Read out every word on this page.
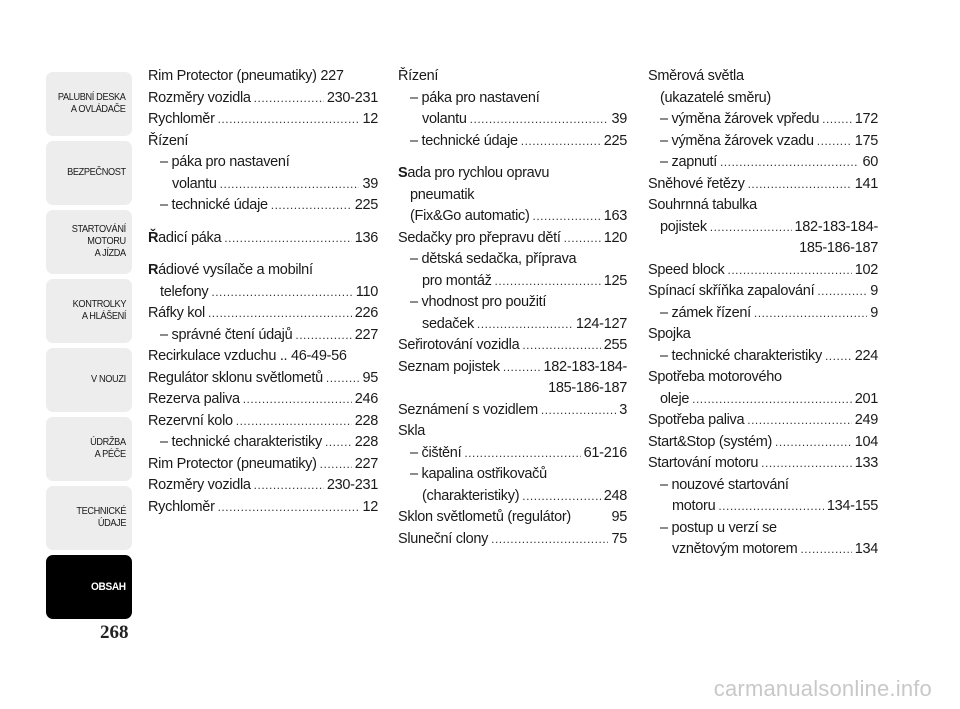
PALUBNÍ DESKA
A OVLÁDAČE
BEZPEČNOST
STARTOVÁNÍ
MOTORU
A JÍZDA
KONTROLKY
A HLÁŠENÍ
V NOUZI
ÚDRŽBA
A PÉČE
TECHNICKÉ
ÚDAJE
OBSAH
268
Rim Protector (pneumatiky) 227
Rozměry vozidla .....	230-231
Rychloměr .....	12
Řízení
– páka pro nastavení
volantu .....	39
– technické údaje .....	225
Řadicí páka .....	136
Rádiové vysílače a mobilní
telefony .....	110
Ráfky kol .....	226
– správné čtení údajů .....	227
Recirkulace vzduchu .. 46-49-56
Regulátor sklonu světlometů .....	95
Rezerva paliva .....	246
Rezervní kolo .....	228
– technické charakteristiky ..... 228
Rim Protector (pneumatiky) .....	227
Rozměry vozidla .....	230-231
Rychloměr .....	12
Řízení
– páka pro nastavení
volantu .....	39
– technické údaje .....	225
Sada pro rychlou opravu
pneumatik
(Fix&Go automatic) .....	163
Sedačky pro přepravu dětí .....	120
– dětská sedačka, příprava
pro montáž .....	125
– vhodnost pro použití
sedaček .....	124-127
Seřirotování vozidla .....	255
Seznam pojistek .....	182-183-184-
185-186-187
Seznámení s vozidlem .....	3
Skla
– čištění .....	61-216
– kapalina ostřikovačů
(charakteristiky) .....	248
Sklon světlometů (regulátor)	95
Sluneční clony .....	75
Směrová světla
(ukazatelé směru)
– výměna žárovek vpředu ..... 172
– výměna žárovek vzadu .....	175
– zapnutí .....	60
Sněhové řetězy .....	141
Souhrnná tabulka
pojistek .....	182-183-184-
185-186-187
Speed block .....	102
Spínací skříňka zapalování .....	9
– zámek řízení .....	9
Spojka
– technické charakteristiky ..... 224
Spotřeba motorového
oleje .....	201
Spotřeba paliva .....	249
Start&Stop (systém) .....	104
Startování motoru .....	133
– nouzové startování
motoru .....	134-155
– postup u verzí se
vznětovým motorem .....	134
carmanualsonline.info
